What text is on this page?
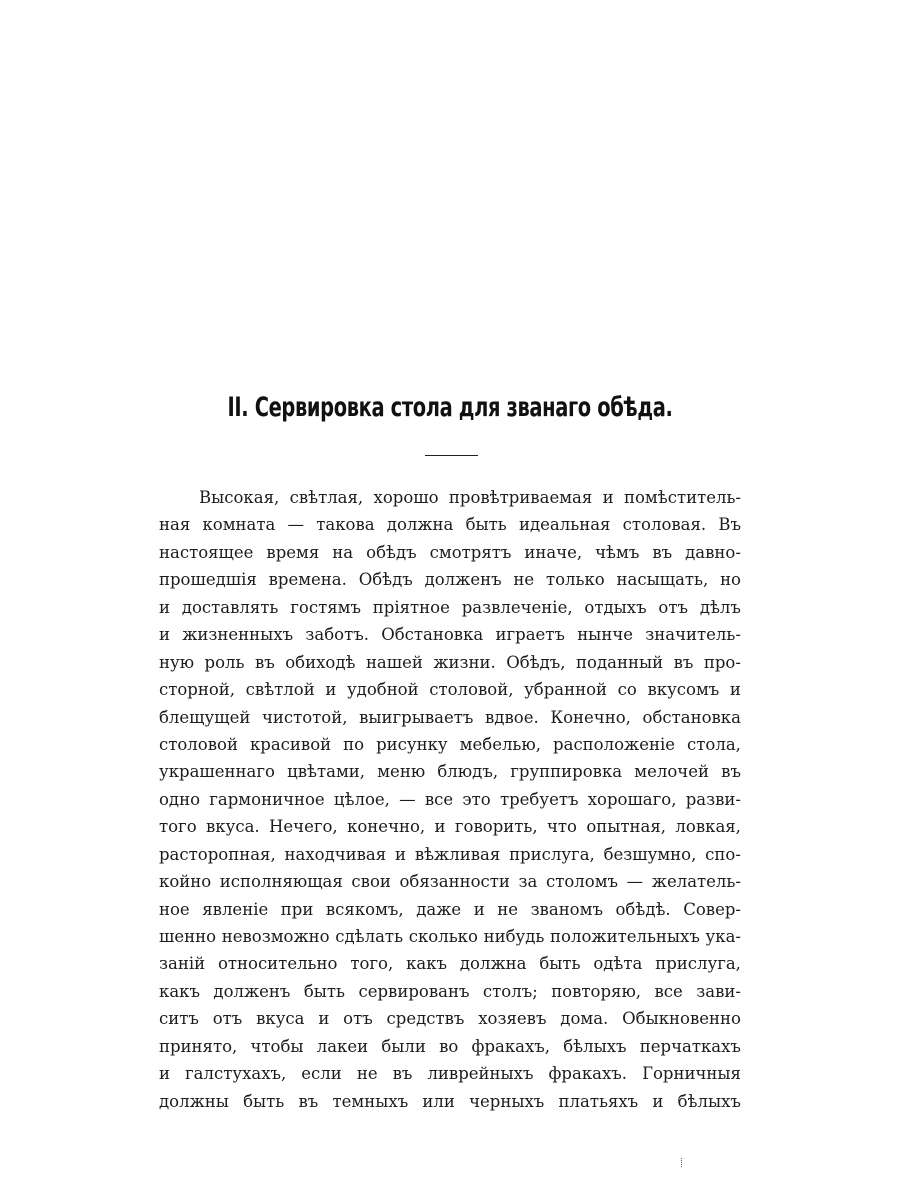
II. Сервировка стола для званаго обѣда.
Высокая, свѣтлая, хорошо провѣтриваемая и помѣститель-
ная комната — такова должна быть идеальная столовая. Въ
настоящее время на обѣдъ смотрятъ иначе, чѣмъ въ давно-
прошедшія времена. Обѣдъ долженъ не только насыщать, но
и доставлять гостямъ пріятное развлеченіе, отдыхъ отъ дѣлъ
и жизненныхъ заботъ. Обстановка играетъ нынче значитель-
ную роль въ обиходѣ нашей жизни. Обѣдъ, поданный въ про-
сторной, свѣтлой и удобной столовой, убранной со вкусомъ и
блещущей чистотой, выигрываетъ вдвое. Конечно, обстановка
столовой красивой по рисунку мебелью, расположеніе стола,
украшеннаго цвѣтами, меню блюдъ, группировка мелочей въ
одно гармоничное цѣлое, — все это требуетъ хорошаго, разви-
того вкуса. Нечего, конечно, и говорить, что опытная, ловкая,
расторопная, находчивая и вѣжливая прислуга, безшумно, спо-
койно исполняющая свои обязанности за столомъ — желатель-
ное явленіе при всякомъ, даже и не званомъ обѣдѣ. Совер-
шенно невозможно сдѣлать сколько нибудь положительныхъ ука-
заній относительно того, какъ должна быть одѣта прислуга,
какъ долженъ быть сервированъ столъ; повторяю, все зави-
ситъ отъ вкуса и отъ средствъ хозяевъ дома. Обыкновенно
принято, чтобы лакеи были во фракахъ, бѣлыхъ перчаткахъ
и галстухахъ, если не въ ливрейныхъ фракахъ. Горничныя
должны быть въ темныхъ или черныхъ платьяхъ и бѣлыхъ
